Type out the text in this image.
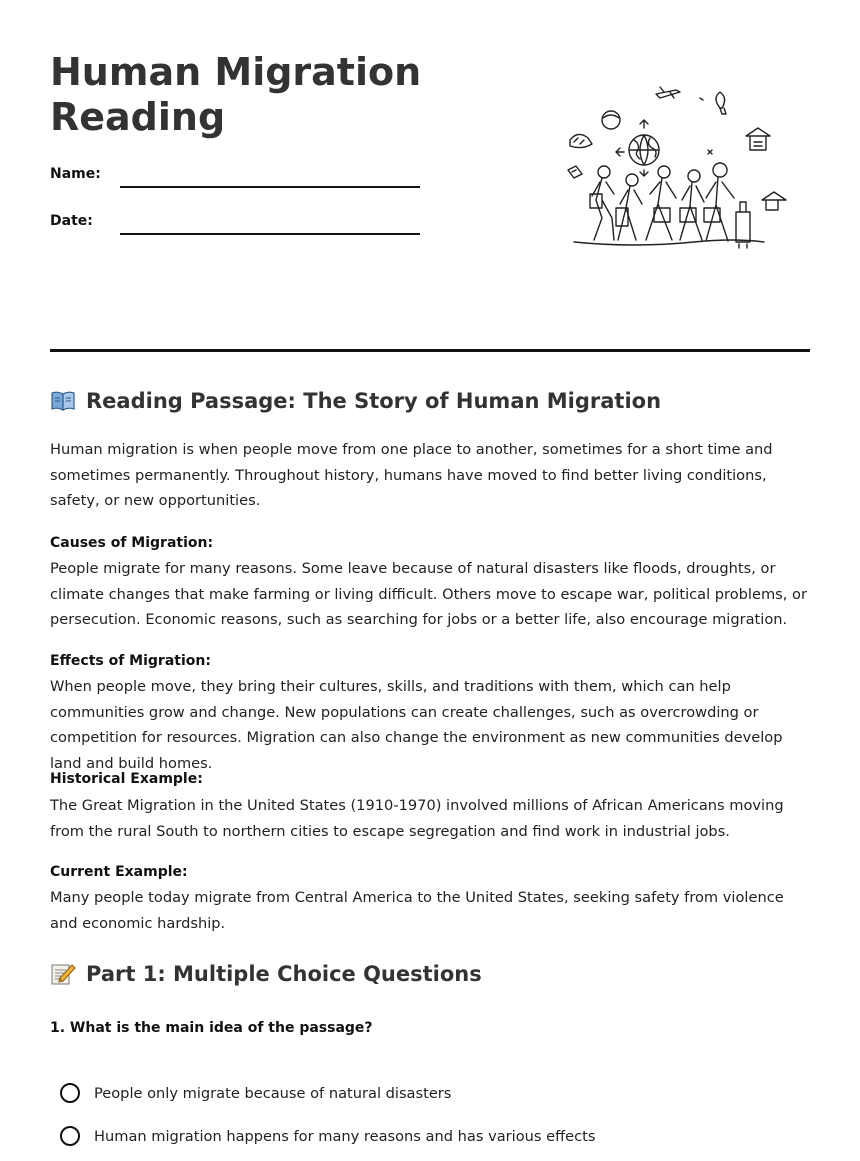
Human Migration Reading
Name:
Date:
Reading Passage: The Story of Human Migration

Human migration is when people move from one place to another, sometimes for a short time and sometimes permanently. Throughout history, humans have moved to find better living conditions, safety, or new opportunities.

Causes of Migration:

People migrate for many reasons. Some leave because of natural disasters like floods, droughts, or climate changes that make farming or living difficult. Others move to escape war, political problems, or persecution. Economic reasons, such as searching for jobs or a better life, also encourage migration.

Effects of Migration:

When people move, they bring their cultures, skills, and traditions with them, which can help communities grow and change. New populations can create challenges, such as overcrowding or competition for resources. Migration can also change the environment as new communities develop land and build homes.

Historical Example:

The Great Migration in the United States (1910-1970) involved millions of African Americans moving from the rural South to northern cities to escape segregation and find work in industrial jobs.

Current Example:

Many people today migrate from Central America to the United States, seeking safety from violence and economic hardship.

Part 1: Multiple Choice Questions

1. What is the main idea of the passage?

People only migrate because of natural disasters
Human migration happens for many reasons and has various effects
